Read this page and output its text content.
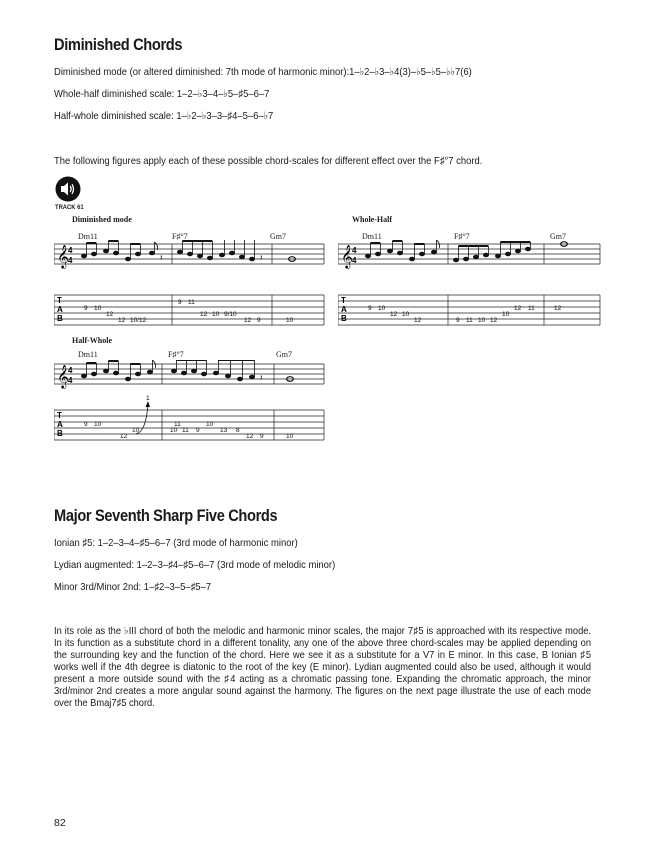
Diminished Chords
Diminished mode (or altered diminished: 7th mode of harmonic minor):1–♭2–♭3–♭4(3)–♭5–♭5–♭♭7(6)
Whole-half diminished scale: 1–2–♭3–4–♭5–♯5–6–7
Half-whole diminished scale: 1–♭2–♭3–3–♯4–5–6–♭7
The following figures apply each of these possible chord-scales for different effect over the F♯°7 chord.
TRACK 61
Diminished mode
Dm11	F♯°7	Gm7
𝄞 4
4	𝄽	𝄽
T
A
B
9 10
12
12 10/12
9 11
12 10 9/10
12 9	10
Whole-Half
Dm11	F♯°7	Gm7
𝄞 4
4
T
A
B
9 10
12 10
12	9 11 10 12
10
12 11	12
Half-Whole
Dm11	F♯°7	Gm7
𝄞 4
4	𝄽
T
A
B
1
9 10
12
10
11
10 11 9
10
13 8
12 9	10
Major Seventh Sharp Five Chords
Ionian ♯5: 1–2–3–4–♯5–6–7 (3rd mode of harmonic minor)
Lydian augmented: 1–2–3–♯4–♯5–6–7 (3rd mode of melodic minor)
Minor 3rd/Minor 2nd: 1–♯2–3–5–♯5–7

In its role as the ♭III chord of both the melodic and harmonic minor scales, the major 7♯5 is approached with its respective mode. In its function as a substitute chord in a different tonality, any one of the above three chord-scales may be applied depending on the surrounding key and the function of the chord. Here we see it as a substitute for a V7 in E minor. In this case, B Ionian ♯5 works well if the 4th degree is diatonic to the root of the key (E minor). Lydian augmented could also be used, although it would present a more outside sound with the ♯4 acting as a chromatic passing tone. Expanding the chromatic approach, the minor 3rd/minor 2nd creates a more angular sound against the harmony. The figures on the next page illustrate the use of each mode over the Bmaj7♯5 chord.

82
